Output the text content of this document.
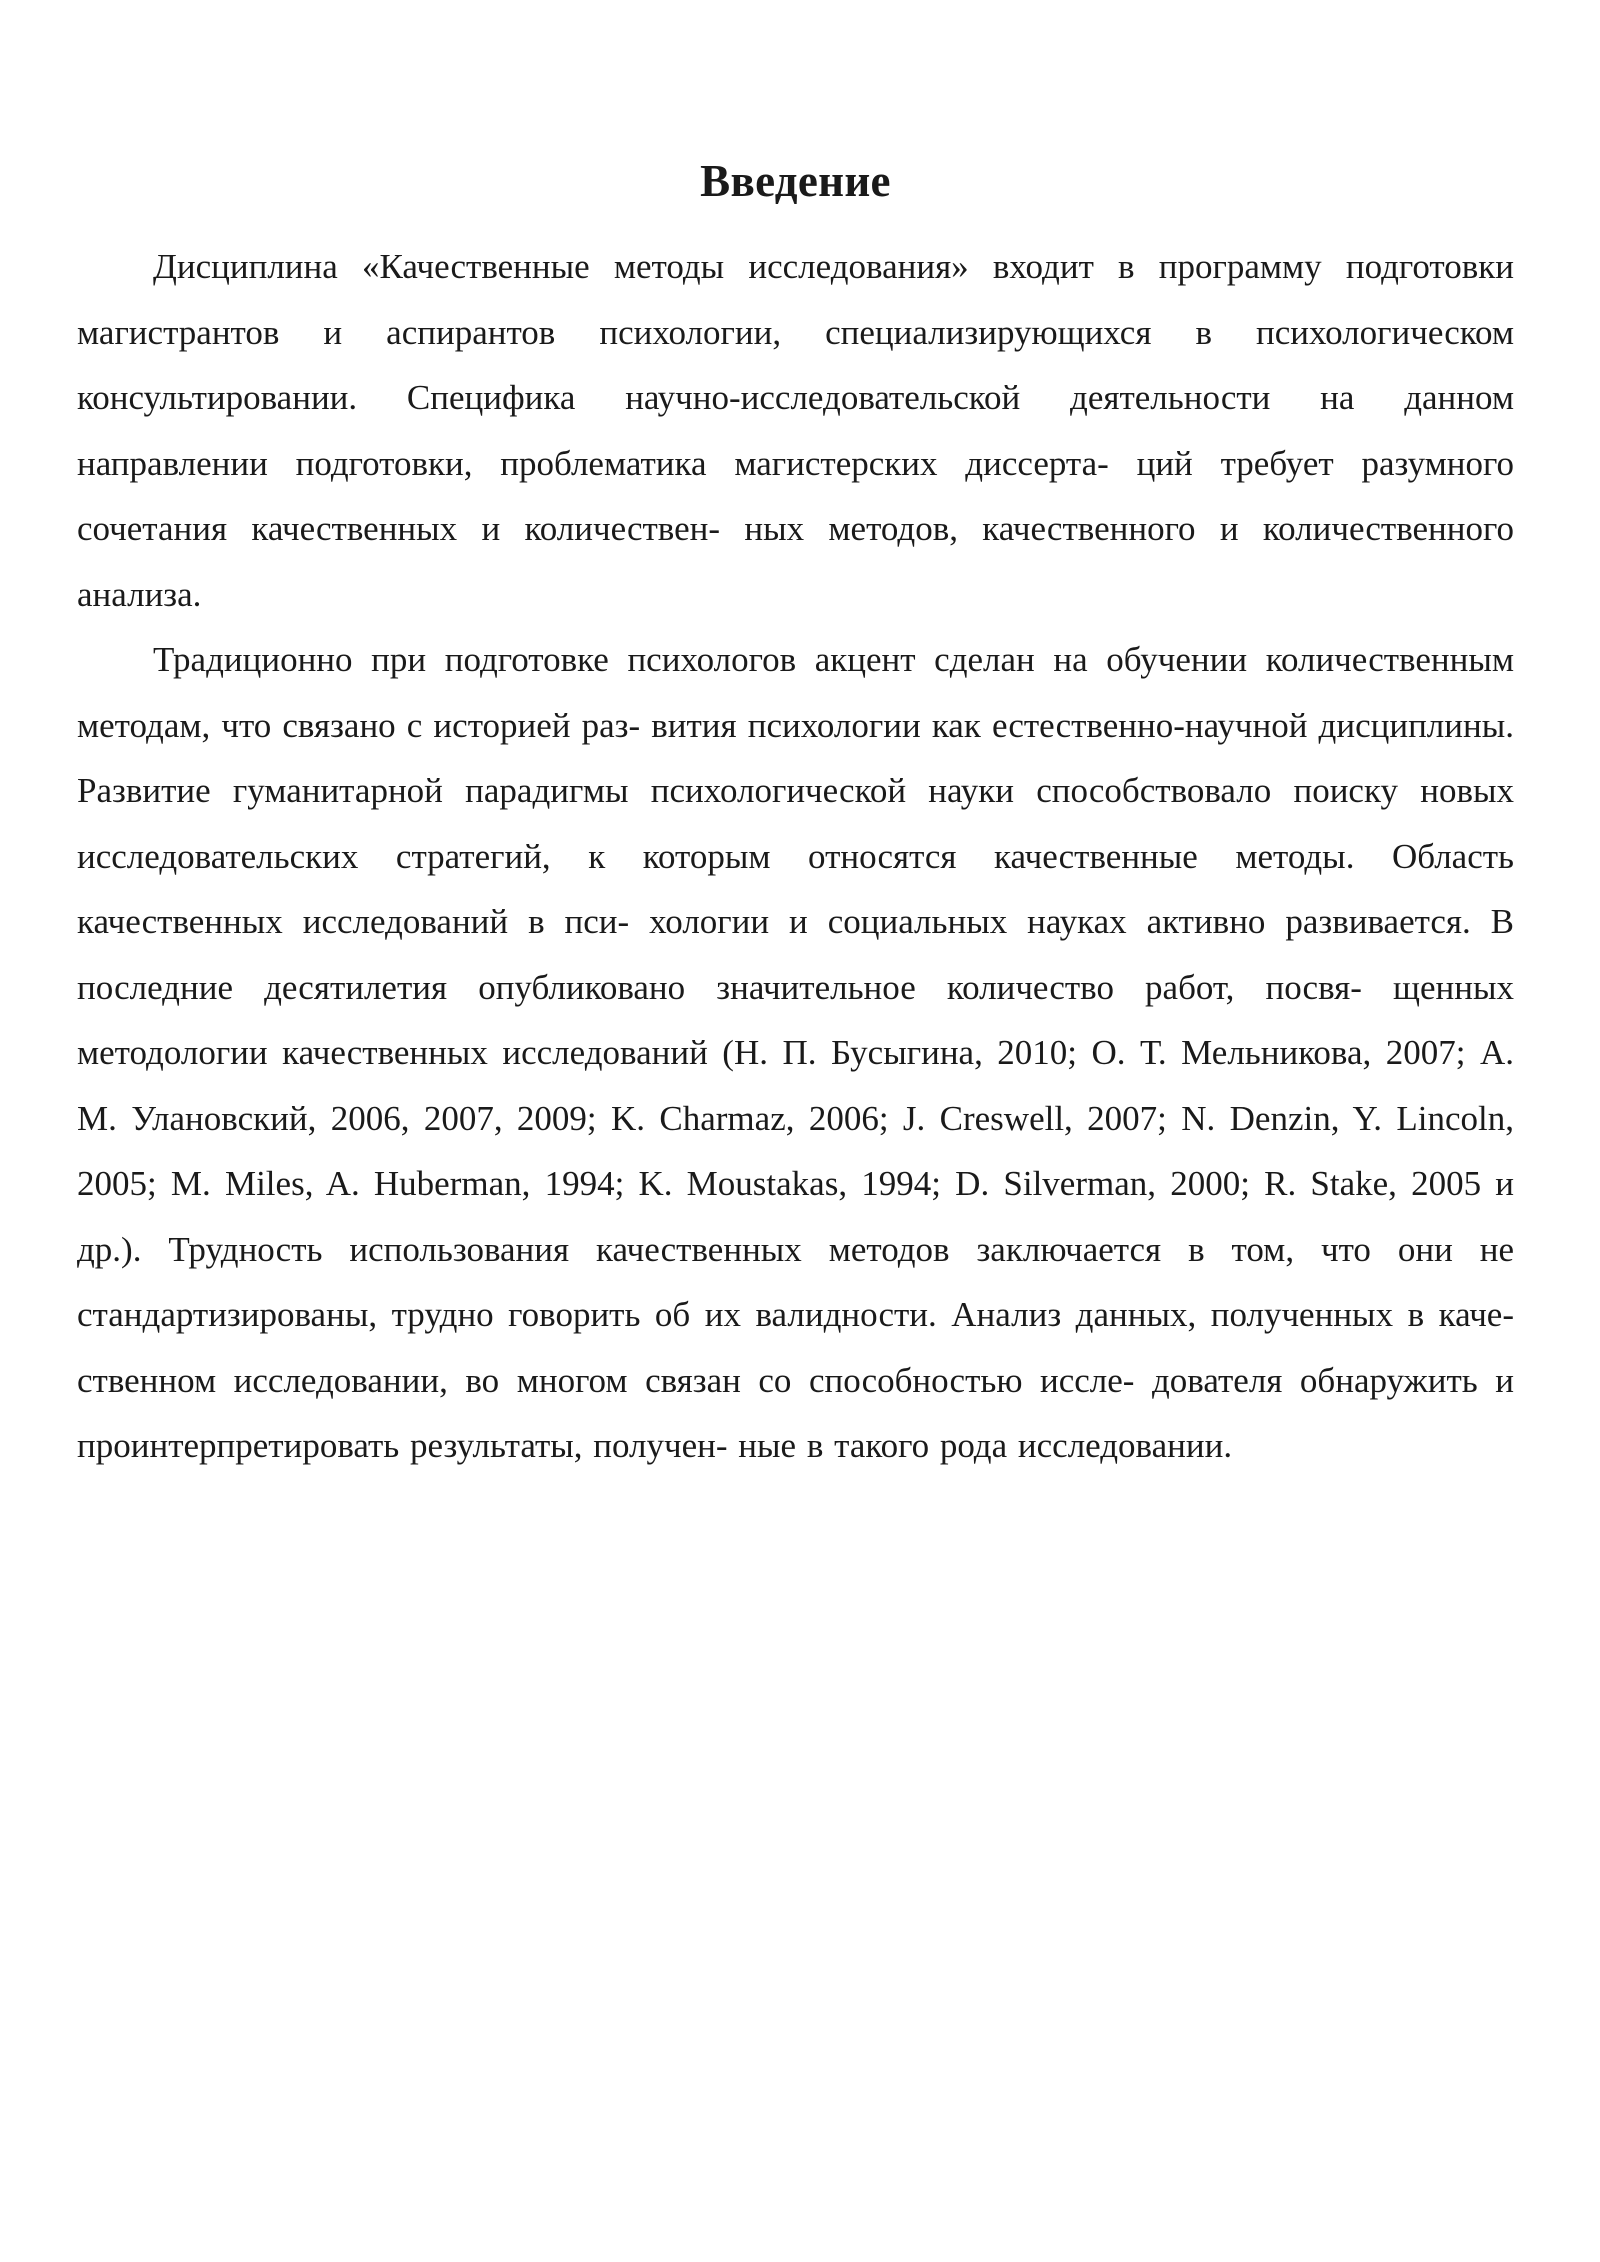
Введение

Дисциплина «Качественные методы исследования» входит в программу подготовки магистрантов и аспирантов психологии, специализирующихся в психологическом консультировании. Специфика научно-исследовательской деятельности на данном направлении подготовки, проблематика магистерских диссерта- ций требует разумного сочетания качественных и количествен- ных методов, качественного и количественного анализа.

Традиционно при подготовке психологов акцент сделан на обучении количественным методам, что связано с историей раз- вития психологии как естественно-научной дисциплины. Развитие гуманитарной парадигмы психологической науки способствовало поиску новых исследовательских стратегий, к которым относятся качественные методы. Область качественных исследований в пси- хологии и социальных науках активно развивается. В последние десятилетия опубликовано значительное количество работ, посвя- щенных методологии качественных исследований (Н. П. Бусыгина, 2010; О. Т. Мельникова, 2007; А. М. Улановский, 2006, 2007, 2009; K. Charmaz, 2006; J. Creswell, 2007; N. Denzin, Y. Lincoln, 2005; M. Miles, A. Huberman, 1994; K. Moustakas, 1994; D. Silverman, 2000; R. Stake, 2005 и др.). Трудность использования качественных методов заключается в том, что они не стандартизированы, трудно говорить об их валидности. Анализ данных, полученных в каче- ственном исследовании, во многом связан со способностью иссле- дователя обнаружить и проинтерпретировать результаты, получен- ные в такого рода исследовании.
